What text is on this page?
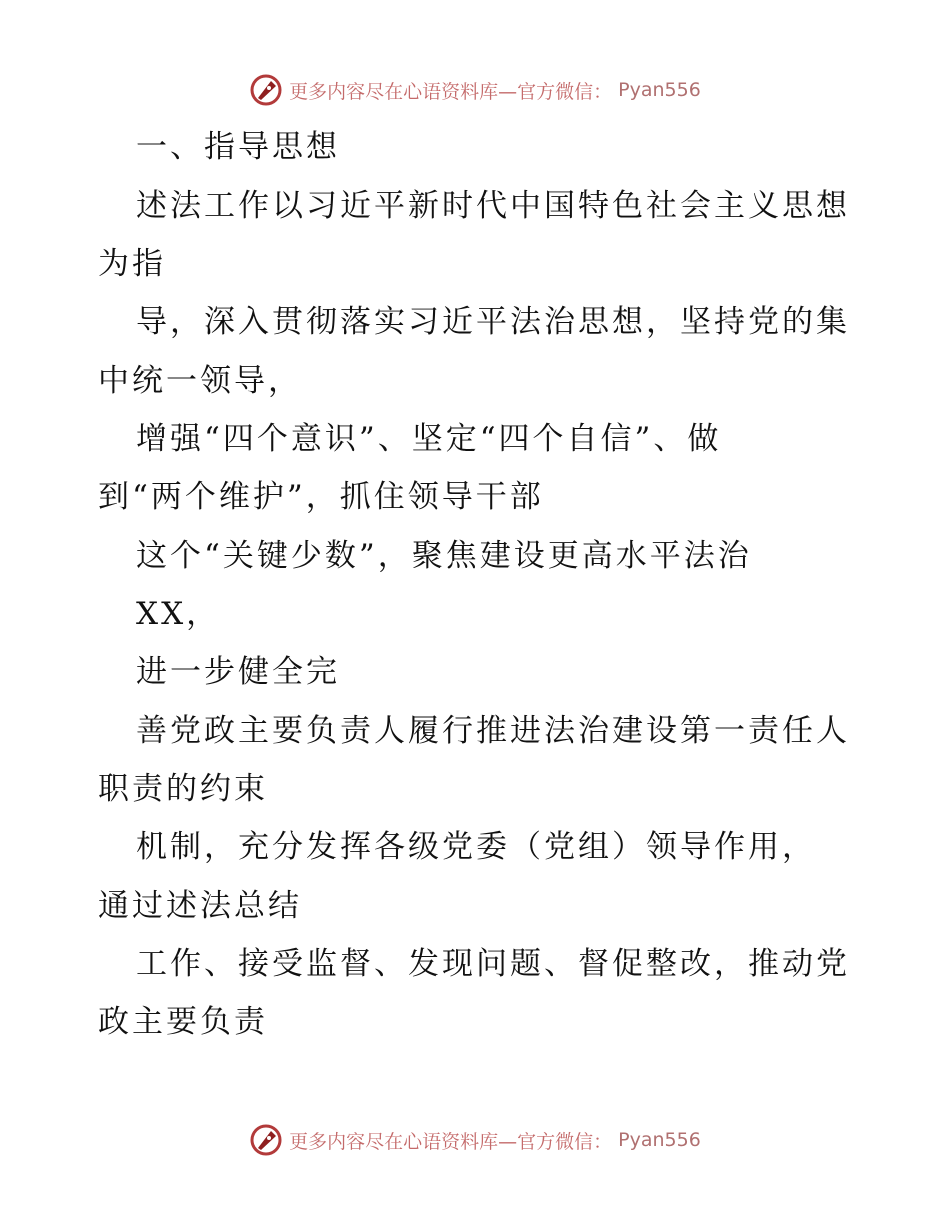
更多内容尽在心语资料库—官方微信： Pyan556
一、指导思想
述法工作以习近平新时代中国特色社会主义思想
为指
导，深入贯彻落实习近平法治思想，坚持党的集
中统一领导，
增强“四个意识”、坚定“四个自信”、做
到“两个维护”，抓住领导干部
这个“关键少数”，聚焦建设更高水平法治
XX，
进一步健全完
善党政主要负责人履行推进法治建设第一责任人
职责的约束
机制，充分发挥各级党委（党组）领导作用，
通过述法总结
工作、接受监督、发现问题、督促整改，推动党
政主要负责
更多内容尽在心语资料库—官方微信： Pyan556
